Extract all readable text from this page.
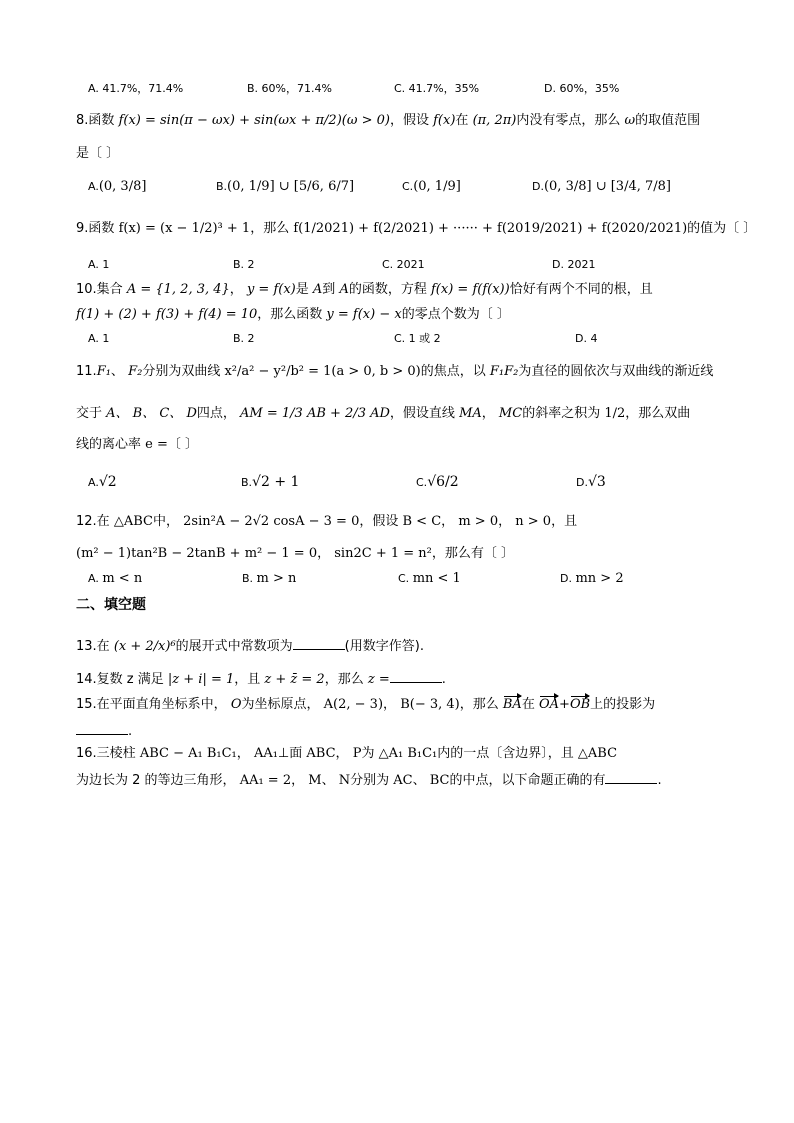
A. 41.7%，71.4%	B. 60%，71.4%	C. 41.7%，35%	D. 60%，35%
8.函数 f(x) = sin(π − ωx) + sin(ωx + π/2)(ω > 0)，假设 f(x)在 (π, 2π)内没有零点，那么 ω的取值范围
是〔 〕
A.(0, 3/8]	B.(0, 1/9] ∪ [5/6, 6/7]	C.(0, 1/9]	D.(0, 3/8] ∪ [3/4, 7/8]
9.函数 f(x) = (x − 1/2)³ + 1，那么 f(1/2021) + f(2/2021) + ······ + f(2019/2021) + f(2020/2021)的值为〔 〕
A. 1	B. 2	C. 2021	D. 2021
10.集合 A = {1, 2, 3, 4}， y = f(x)是 A到 A的函数，方程 f(x) = f(f(x))恰好有两个不同的根，且
f(1) + (2) + f(3) + f(4) = 10，那么函数 y = f(x) − x的零点个数为〔 〕
A. 1	B. 2	C. 1 或 2	D. 4
11.F₁、 F₂分别为双曲线 x²/a² − y²/b² = 1(a > 0, b > 0)的焦点，以 F₁F₂为直径的圆依次与双曲线的渐近线
交于 A、 B、 C、 D四点， AM = 1/3 AB + 2/3 AD，假设直线 MA， MC的斜率之积为 1/2，那么双曲
线的离心率 e =〔 〕
A.√2	B.√2 + 1	C.√6/2	D.√3
12.在 △ABC中， 2sin²A − 2√2 cosA − 3 = 0，假设 B < C， m > 0， n > 0，且
(m² − 1)tan²B − 2tanB + m² − 1 = 0， sin2C + 1 = n²，那么有〔 〕
A. m < n	B. m > n	C. mn < 1	D. mn > 2
二、填空题
13.在 (x + 2/x)⁶的展开式中常数项为	(用数字作答).
14.复数 z 满足 |z + i| = 1，且 z + z̄ = 2，那么 z =	.
15.在平面直角坐标系中， O为坐标原点， A(2, − 3)， B(− 3, 4)，那么 BA在 OA+OB上的投影为
.
16.三棱柱 ABC − A₁ B₁C₁， AA₁⊥面 ABC， P为 △A₁ B₁C₁内的一点〔含边界〕，且 △ABC
为边长为 2 的等边三角形， AA₁ = 2， M、 N分别为 AC、 BC的中点，以下命题正确的有	.
